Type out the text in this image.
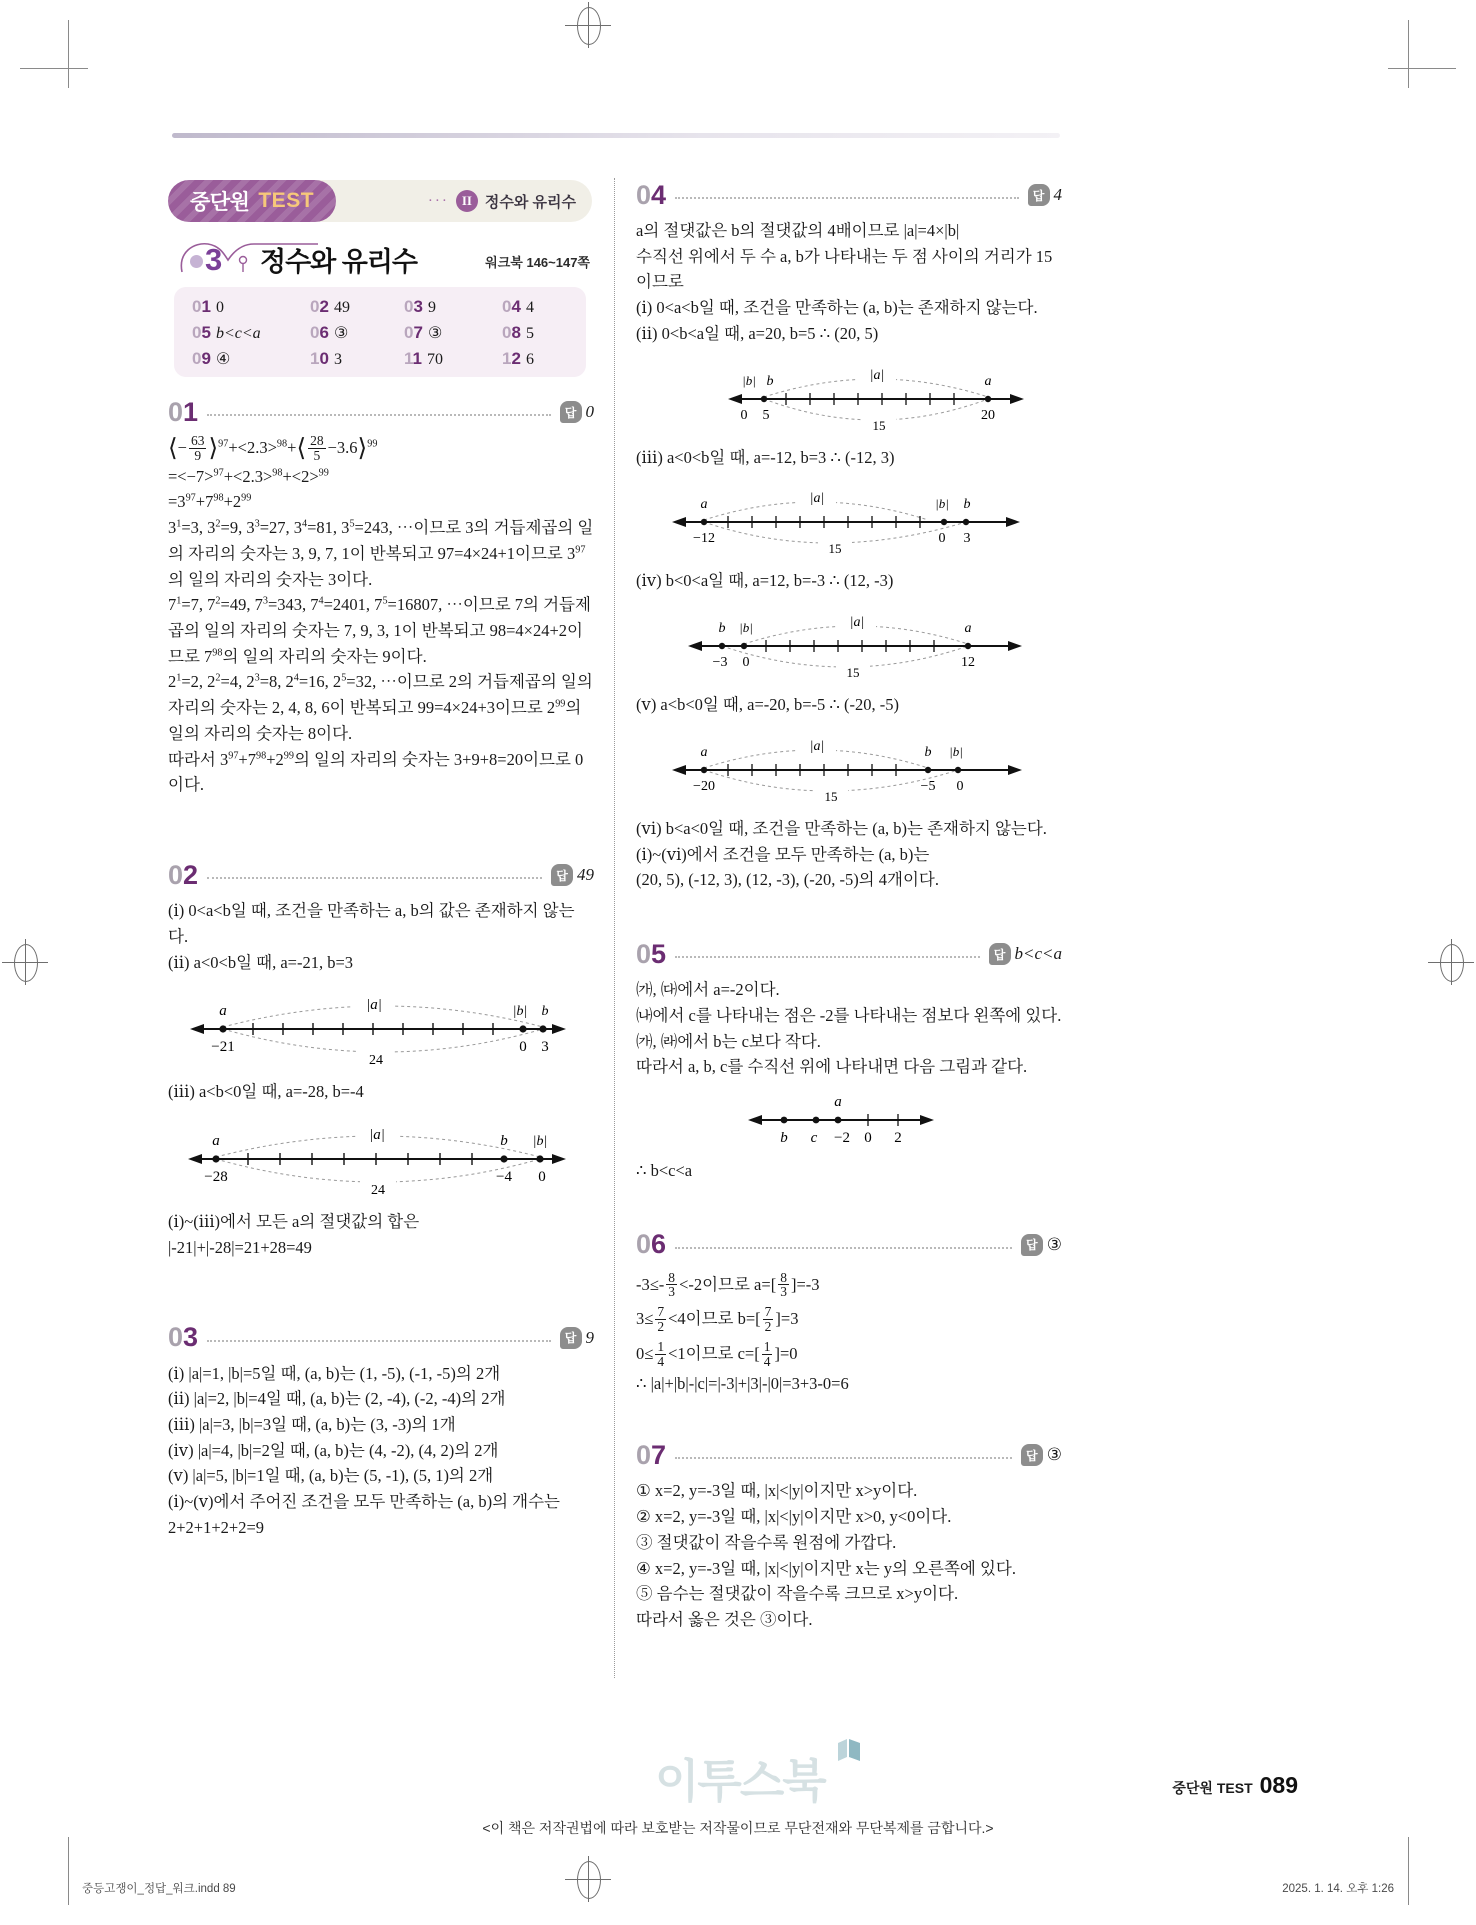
중단원 TEST	··· II 정수와 유리수
3 정수와 유리수	워크북 146~147쪽
01 0	02 49	03 9	04 4
05 b<c<a	06 ③	07 ③	08 5
09 ④	10 3	11 70	12 6
01	답 0
⟨− $\frac{63}{9}$ ⟩$^{97}$+<2.3>$^{98}$+⟨ $\frac{28}{5}$ −3.6⟩$^{99}$
=<−7>$^{97}$+<2.3>$^{98}$+<2>$^{99}$
$=3^{97}+7^{98}+2^{99}$
$3^1=3$, $3^2=9$, $3^3=27$, $3^4=81$, $3^5=243$, ⋯이므로 3의 거듭제곱의 일의 자리의 숫자는 3, 9, 7, 1이 반복되고 97=4×24+1이므로 $3^{97}$의 일의 자리의 숫자는 3이다.
$7^1=7$, $7^2=49$, $7^3=343$, $7^4=2401$, $7^5=16807$, ⋯이므로 7의 거듭제곱의 일의 자리의 숫자는 7, 9, 3, 1이 반복되고 98=4×24+2이므로 $7^{98}$의 일의 자리의 숫자는 9이다.
$2^1=2$, $2^2=4$, $2^3=8$, $2^4=16$, $2^5=32$, ⋯이므로 2의 거듭제곱의 일의 자리의 숫자는 2, 4, 8, 6이 반복되고 99=4×24+3이므로 $2^{99}$의 일의 자리의 숫자는 8이다.
따라서 $3^{97}+7^{98}+2^{99}$의 일의 자리의 숫자는 3+9+8=20이므로 0이다.
02	답 49
(ⅰ) 0<a<b일 때, 조건을 만족하는 a, b의 값은 존재하지 않는다.
(ⅱ) a<0<b일 때, a=-21, b=3
|a|
24
a
−21
|b| b
0 3
(ⅲ) a<b<0일 때, a=-28, b=-4
|a|
24
a
−28
b |b|
−4 0
(ⅰ)~(ⅲ)에서 모든 a의 절댓값의 합은
|-21|+|-28|=21+28=49
03	답 9
(ⅰ) |a|=1, |b|=5일 때, (a, b)는 (1, -5), (-1, -5)의 2개
(ⅱ) |a|=2, |b|=4일 때, (a, b)는 (2, -4), (-2, -4)의 2개
(ⅲ) |a|=3, |b|=3일 때, (a, b)는 (3, -3)의 1개
(ⅳ) |a|=4, |b|=2일 때, (a, b)는 (4, -2), (4, 2)의 2개
(ⅴ) |a|=5, |b|=1일 때, (a, b)는 (5, -1), (5, 1)의 2개
(ⅰ)~(ⅴ)에서 주어진 조건을 모두 만족하는 (a, b)의 개수는
2+2+1+2+2=9
04	답 4
a의 절댓값은 b의 절댓값의 4배이므로 |a|=4×|b|
수직선 위에서 두 수 a, b가 나타내는 두 점 사이의 거리가 15이므로
(ⅰ) 0<a<b일 때, 조건을 만족하는 (a, b)는 존재하지 않는다.
(ⅱ) 0<b<a일 때, a=20, b=5 ∴ (20, 5)
|a|
15
|b| b	a
0 5	20
(ⅲ) a<0<b일 때, a=-12, b=3 ∴ (-12, 3)
|a|
15
a
−12
|b| b
0 3
(ⅳ) b<0<a일 때, a=12, b=-3 ∴ (12, -3)
|a|
15
b |b|
−3 0
a
12
(ⅴ) a<b<0일 때, a=-20, b=-5 ∴ (-20, -5)
|a|
15
a
−20
b |b|
−5 0
(ⅵ) b<a<0일 때, 조건을 만족하는 (a, b)는 존재하지 않는다.
(ⅰ)~(ⅵ)에서 조건을 모두 만족하는 (a, b)는
(20, 5), (-12, 3), (12, -3), (-20, -5)의 4개이다.
05	답 b<c<a
㈎, ㈐에서 a=-2이다.
㈏에서 c를 나타내는 점은 -2를 나타내는 점보다 왼쪽에 있다.
㈎, ㈑에서 b는 c보다 작다.
따라서 a, b, c를 수직선 위에 나타내면 다음 그림과 같다.
a
b c −2 0 2
∴ b<c<a
06	답 ③
$-3\le- \frac{8}{3} <-2$이므로 $a=[ \frac{8}{3} ]=-3$
$3\le \frac{7}{2} <4$이므로 $b=[ \frac{7}{2} ]=3$
$0\le \frac{1}{4} <1$이므로 $c=[ \frac{1}{4} ]=0$
∴ |a|+|b|-|c|=|-3|+|3|-|0|=3+3-0=6
07	답 ③
① x=2, y=-3일 때, |x|<|y|이지만 x>y이다.
② x=2, y=-3일 때, |x|<|y|이지만 x>0, y<0이다.
③ 절댓값이 작을수록 원점에 가깝다.
④ x=2, y=-3일 때, |x|<|y|이지만 x는 y의 오른쪽에 있다.
⑤ 음수는 절댓값이 작을수록 크므로 x>y이다.
따라서 옳은 것은 ③이다.
이투스북	중단원 TEST 089
<이 책은 저작권법에 따라 보호받는 저작물이므로 무단전재와 무단복제를 금합니다.>
중등고쟁이_정답_워크.indd 89	2025. 1. 14. 오후 1:26
